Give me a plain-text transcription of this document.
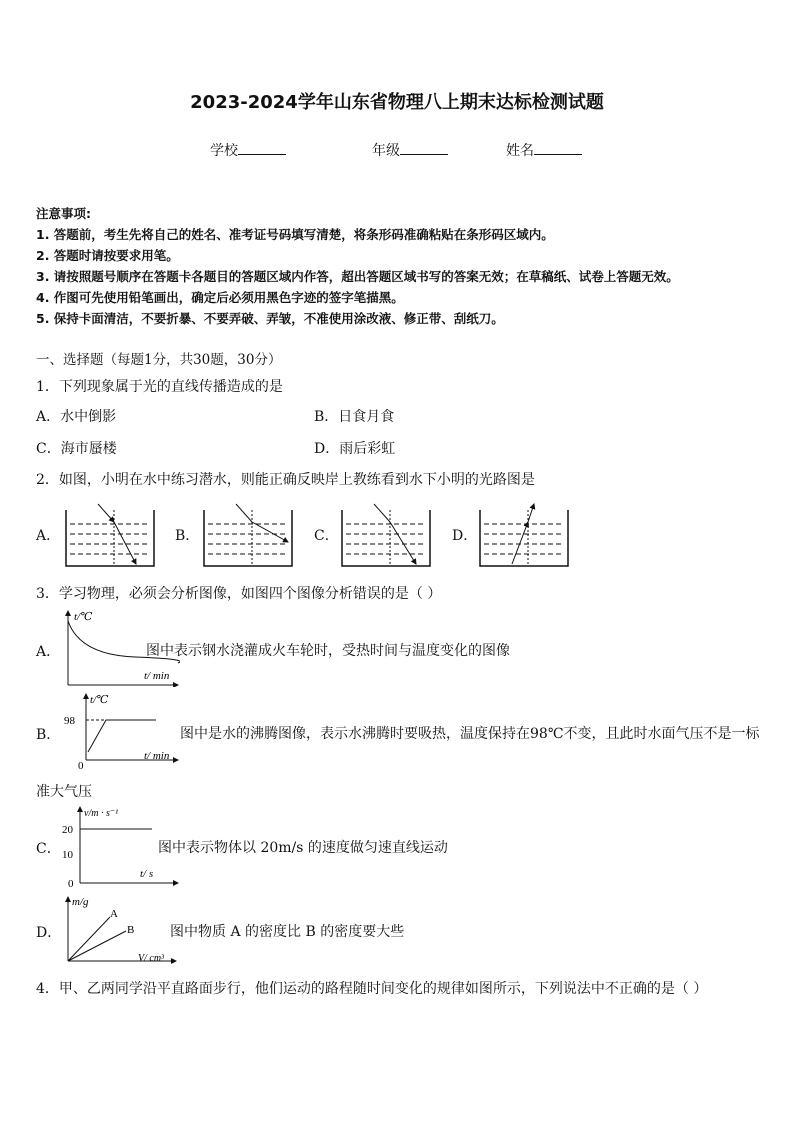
2023-2024学年山东省物理八上期末达标检测试题
学校	年级	姓名
注意事项:
1. 答题前，考生先将自己的姓名、准考证号码填写清楚，将条形码准确粘贴在条形码区域内。
2. 答题时请按要求用笔。
3. 请按照题号顺序在答题卡各题目的答题区域内作答，超出答题区域书写的答案无效；在草稿纸、试卷上答题无效。
4. 作图可先使用铅笔画出，确定后必须用黑色字迹的签字笔描黑。
5. 保持卡面清洁，不要折暴、不要弄破、弄皱，不准使用涂改液、修正带、刮纸刀。
一、选择题（每题1分，共30题，30分）
1．下列现象属于光的直线传播造成的是
A．水中倒影	B．日食月食
C．海市蜃楼	D．雨后彩虹
2．如图，小明在水中练习潜水，则能正确反映岸上教练看到水下小明的光路图是
A．	B．	C．	D．
3．学习物理，必须会分析图像，如图四个图像分析错误的是（ ）
A．
t/℃
t/ min
图中表示钢水浇灌成火车轮时，受热时间与温度变化的图像
B．
98
0
t/℃
t/ min
图中是水的沸腾图像，表示水沸腾时要吸热，温度保持在98℃不变，且此时水面气压不是一标
准大气压
C．
20
10
0
v/m · s⁻¹
t/ s
图中表示物体以 20m/s 的速度做匀速直线运动
D．
A
B
m/g
V/ cm³
图中物质 A 的密度比 B 的密度要大些
4．甲、乙两同学沿平直路面步行，他们运动的路程随时间变化的规律如图所示，下列说法中不正确的是（ ）
